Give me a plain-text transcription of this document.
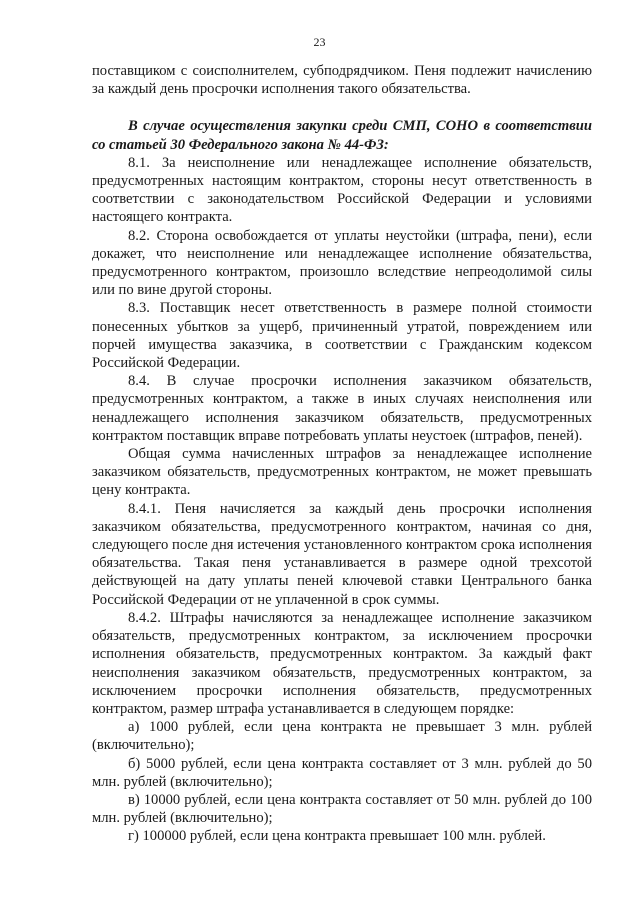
23

поставщиком с соисполнителем, субподрядчиком. Пеня подлежит начислению за каждый день просрочки исполнения такого обязательства.

В случае осуществления закупки среди СМП, СОНО в соответствии со статьей 30 Федерального закона № 44-ФЗ:

8.1. За неисполнение или ненадлежащее исполнение обязательств, предусмотренных настоящим контрактом, стороны несут ответственность в соответствии с законодательством Российской Федерации и условиями настоящего контракта.

8.2. Сторона освобождается от уплаты неустойки (штрафа, пени), если докажет, что неисполнение или ненадлежащее исполнение обязательства, предусмотренного контрактом, произошло вследствие непреодолимой силы или по вине другой стороны.

8.3. Поставщик несет ответственность в размере полной стоимости понесенных убытков за ущерб, причиненный утратой, повреждением или порчей имущества заказчика, в соответствии с Гражданским кодексом Российской Федерации.

8.4. В случае просрочки исполнения заказчиком обязательств, предусмотренных контрактом, а также в иных случаях неисполнения или ненадлежащего исполнения заказчиком обязательств, предусмотренных контрактом поставщик вправе потребовать уплаты неустоек (штрафов, пеней).

Общая сумма начисленных штрафов за ненадлежащее исполнение заказчиком обязательств, предусмотренных контрактом, не может превышать цену контракта.

8.4.1. Пеня начисляется за каждый день просрочки исполнения заказчиком обязательства, предусмотренного контрактом, начиная со дня, следующего после дня истечения установленного контрактом срока исполнения обязательства. Такая пеня устанавливается в размере одной трехсотой действующей на дату уплаты пеней ключевой ставки Центрального банка Российской Федерации от не уплаченной в срок суммы.

8.4.2. Штрафы начисляются за ненадлежащее исполнение заказчиком обязательств, предусмотренных контрактом, за исключением просрочки исполнения обязательств, предусмотренных контрактом. За каждый факт неисполнения заказчиком обязательств, предусмотренных контрактом, за исключением просрочки исполнения обязательств, предусмотренных контрактом, размер штрафа устанавливается в следующем порядке:

а) 1000 рублей, если цена контракта не превышает 3 млн. рублей (включительно);

б) 5000 рублей, если цена контракта составляет от 3 млн. рублей до 50 млн. рублей (включительно);

в) 10000 рублей, если цена контракта составляет от 50 млн. рублей до 100 млн. рублей (включительно);

г) 100000 рублей, если цена контракта превышает 100 млн. рублей.
